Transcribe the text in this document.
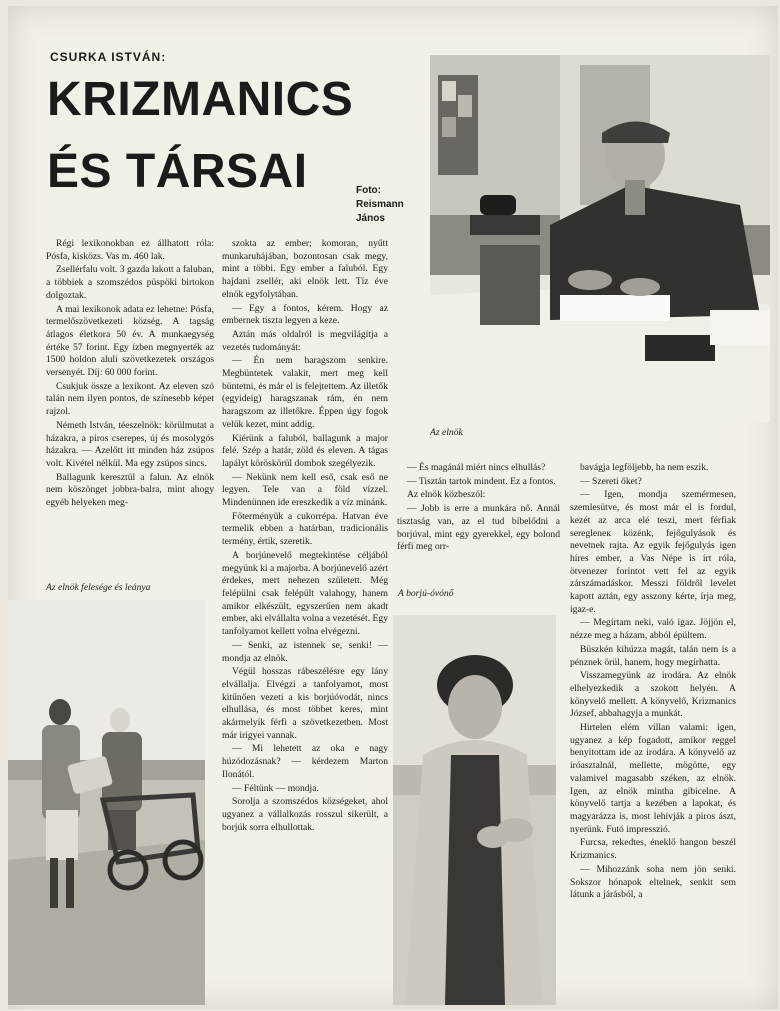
CSURKA ISTVÁN:
KRIZMANICS
ÉS TÁRSAI	Foto:
Reismann
János
Az elnök
Az elnök felesége és leánya
A borjú-óvónő

Régi lexikonokban ez állhatott róla: Pósfa, kisközs. Vas m. 460 lak.

Zsellérfalu volt. 3 gazda lakott a faluban, a többiek a szomszédos püspöki birtokon dolgoztak.

A mai lexikonok adata ez lehetne: Pósfa, termelőszövetkezeti község. A tagság átlagos életkora 50 év. A munkaegység értéke 57 forint. Egy ízben megnyerték az 1500 holdon aluli szövetkezetek országos versenyét. Díj: 60 000 forint.

Csukjuk össze a lexikont. Az eleven szó talán nem ilyen pontos, de színesebb képet rajzol.

Németh István, téeszelnök: körülmutat a házakra, a piros cserepes, új és mosolygós házakra. — Azelőtt itt minden ház zsúpos volt. Kivétel nélkül. Ma egy zsúpos sincs.

Ballagunk keresztül a falun. Az elnök nem köszönget jobbra-balra, mint ahogy egyéb helyeken meg-

szokta az ember; komoran, nyűtt munkaruhájában, bozontosan csak megy, mint a többi. Egy ember a faluból. Egy hajdani zsellér, aki elnök lett. Tíz éve elnök egyfolytában.

— Egy a fontos, kérem. Hogy az embernek tiszta legyen a keze.

Aztán más oldalról is megvilágítja a vezetés tudományát:

— Én nem haragszom senkire. Megbüntetek valakit, mert meg kell büntetni, és már el is felejtettem. Az illetők (egyideig) haragszanak rám, én nem haragszom az illetőkre. Éppen úgy fogok velük kezet, mint addig.

Kiérünk a faluból, ballagunk a major felé. Szép a határ, zöld és eleven. A tágas lapályt köröskörül dombok szegélyezik.

— Nekünk nem kell eső, csak eső ne legyen. Tele van a föld vízzel. Mindenünnen ide ereszkedik a víz minánk.

Főterményük a cukorrépa. Hatvan éve termelik ebben a határban, tradicionális termény, értik, szeretik.

A borjúnevelő megtekintése céljából megyünk ki a majorba. A borjúnevelő azért érdekes, mert nehezen született. Még felépülni csak felépült valahogy, hanem amikor elkészült, egyszerűen nem akadt ember, aki elvállalta volna a vezetését. Egy tanfolyamot kellett volna elvégezni.

— Senki, az istennek se, senki! — mondja az elnök.

Végül hosszas rábeszélésre egy lány elvállalja. Elvégzi a tanfolyamot, most kitűnően vezeti a kis borjúóvodát, nincs elhullása, és most többet keres, mint akármelyik férfi a szövetkezetben. Most már irigyei vannak.

— Mi lehetett az oka e nagy húzódozásnak? — kérdezem Marton Ilonától.

— Féltünk — mondja.

Sorolja a szomszédos községeket, ahol ugyanez a vállalkozás rosszul sikerült, a borjúk sorra elhullottak.

— És magánál miért nincs elhullás?

— Tisztán tartok mindent. Ez a fontos.

Az elnök közbeszól:

— Jobb is erre a munkára nő. Annál tisztaság van, az el tud bíbelődni a borjúval, mint egy gyerekkel, egy bolond férfi meg orr-

bavágja legföljebb, ha nem eszik.

— Szereti őket?

— Igen, mondja szemérmesen, szemlesütve, és most már el is fordul, kezét az arca elé teszi, mert férfiak seregleneк közénk, fejőgulyások és nevetnek rajta. Az egyik fejőgulyás igen híres ember, a Vas Népe is írt róla, ötvenezer forintot vett fel az egyik zárszámadáskor. Messzi földről levelet kapott aztán, egy asszony kérte, írja meg, igaz-e.

— Megírtam neki, való igaz. Jöjjön el, nézze meg a házam, abból épültem.

Büszkén kihúzza magát, talán nem is a pénznek örül, hanem, hogy megírhatta.

Visszamegyünk az irodára. Az elnök elhelyezkedik a szokott helyén. A könyvelő mellett. A könyvelő, Krizmanics József, abbahagyja a munkát.

Hirtelen elém villan valami: igen, ugyanez a kép fogadott, amikor reggel benyitottam ide az irodára. A könyvelő az íróasztalnál, mellette, mögötte, egy valamivel magasabb széken, az elnök. Igen, az elnök mintha gibicelne. A könyvelő tartja a kezében a lapokat, és magyarázza is, most lehívják a piros ászt, nyerünk. Futó impresszió.

Furcsa, rekedtes, éneklő hangon beszél Krizmanics.

— Mihozzánk soha nem jön senki. Sokszor hónapok eltelnek, senkit sem látunk a járásból, a
